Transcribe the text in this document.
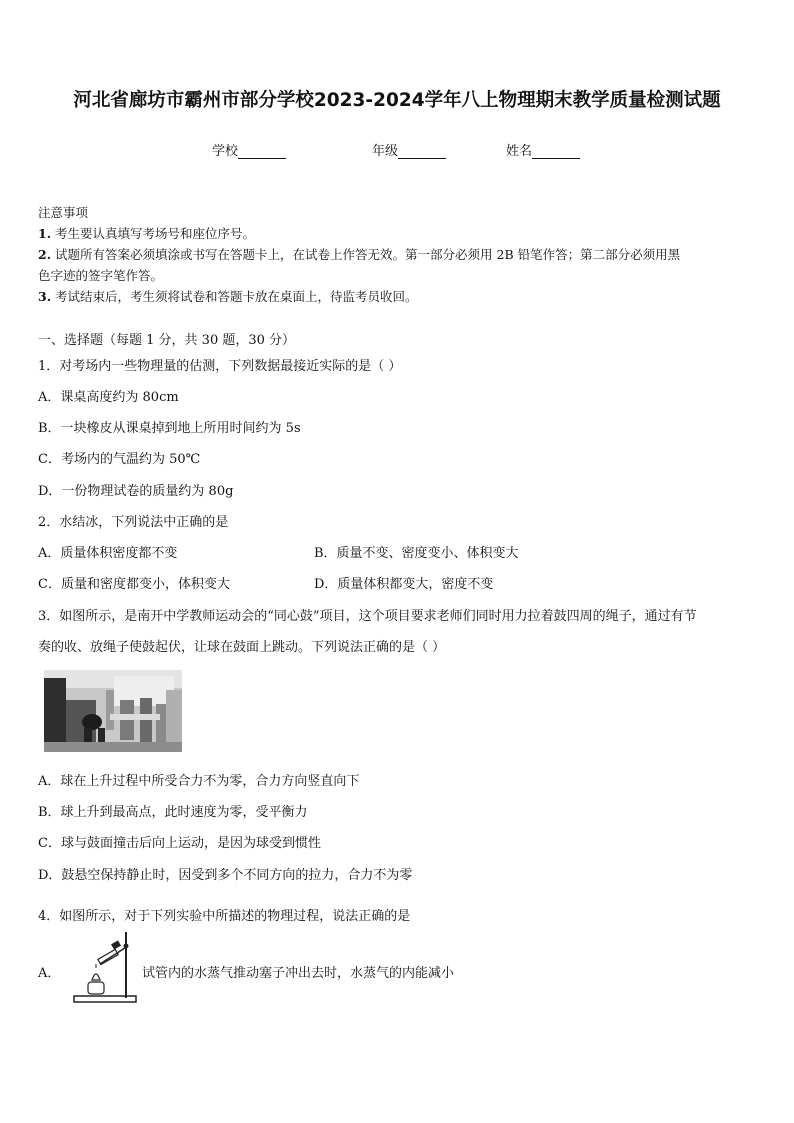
河北省廊坊市霸州市部分学校2023-2024学年八上物理期末教学质量检测试题
学校	年级	姓名
注意事项
1. 考生要认真填写考场号和座位序号。
2. 试题所有答案必须填涂或书写在答题卡上，在试卷上作答无效。第一部分必须用 2B 铅笔作答；第二部分必须用黑
色字迹的签字笔作答。
3. 考试结束后，考生须将试卷和答题卡放在桌面上，待监考员收回。
一、选择题（每题 1 分，共 30 题，30 分）
1．对考场内一些物理量的估测，下列数据最接近实际的是（ ）
A．课桌高度约为 80cm
B．一块橡皮从课桌掉到地上所用时间约为 5s
C．考场内的气温约为 50℃
D．一份物理试卷的质量约为 80g
2．水结冰，下列说法中正确的是
A．质量体积密度都不变	B．质量不变、密度变小、体积变大
C．质量和密度都变小，体积变大	D．质量体积都变大，密度不变
3．如图所示，是南开中学教师运动会的“同心鼓”项目，这个项目要求老师们同时用力拉着鼓四周的绳子，通过有节
奏的收、放绳子使鼓起伏，让球在鼓面上跳动。下列说法正确的是（ ）
A．球在上升过程中所受合力不为零，合力方向竖直向下
B．球上升到最高点，此时速度为零，受平衡力
C．球与鼓面撞击后向上运动，是因为球受到惯性
D．鼓悬空保持静止时，因受到多个不同方向的拉力，合力不为零
4．如图所示，对于下列实验中所描述的物理过程，说法正确的是
A．	试管内的水蒸气推动塞子冲出去时，水蒸气的内能减小
